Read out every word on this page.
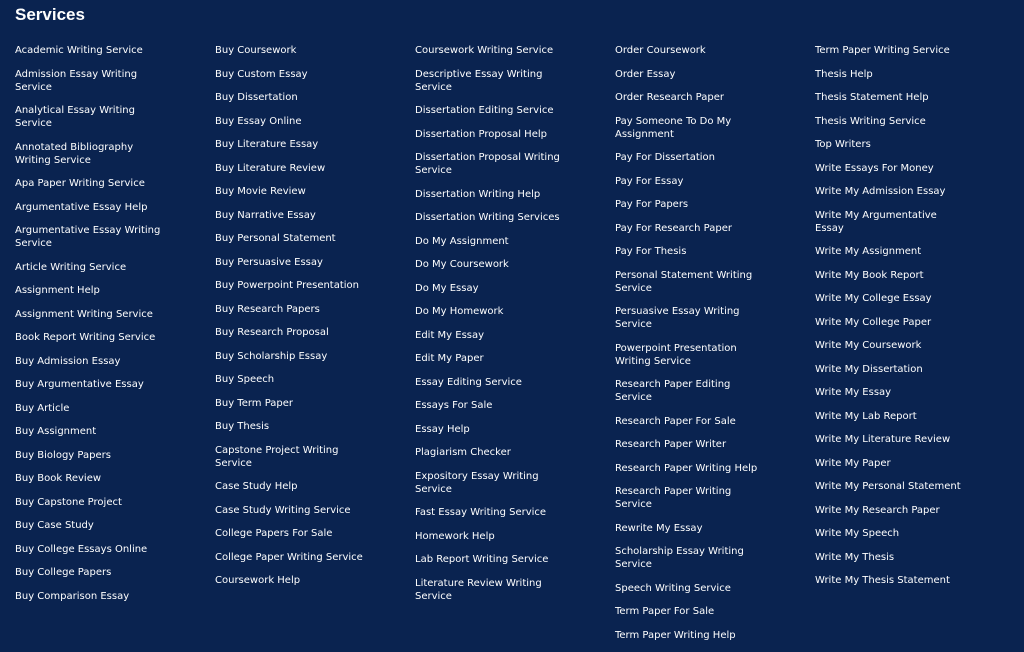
Services
Academic Writing Service
Admission Essay Writing Service
Analytical Essay Writing Service
Annotated Bibliography Writing Service
Apa Paper Writing Service
Argumentative Essay Help
Argumentative Essay Writing Service
Article Writing Service
Assignment Help
Assignment Writing Service
Book Report Writing Service
Buy Admission Essay
Buy Argumentative Essay
Buy Article
Buy Assignment
Buy Biology Papers
Buy Book Review
Buy Capstone Project
Buy Case Study
Buy College Essays Online
Buy College Papers
Buy Comparison Essay
Buy Coursework
Buy Custom Essay
Buy Dissertation
Buy Essay Online
Buy Literature Essay
Buy Literature Review
Buy Movie Review
Buy Narrative Essay
Buy Personal Statement
Buy Persuasive Essay
Buy Powerpoint Presentation
Buy Research Papers
Buy Research Proposal
Buy Scholarship Essay
Buy Speech
Buy Term Paper
Buy Thesis
Capstone Project Writing Service
Case Study Help
Case Study Writing Service
College Papers For Sale
College Paper Writing Service
Coursework Help
Coursework Writing Service
Descriptive Essay Writing Service
Dissertation Editing Service
Dissertation Proposal Help
Dissertation Proposal Writing Service
Dissertation Writing Help
Dissertation Writing Services
Do My Assignment
Do My Coursework
Do My Essay
Do My Homework
Edit My Essay
Edit My Paper
Essay Editing Service
Essays For Sale
Essay Help
Plagiarism Checker
Expository Essay Writing Service
Fast Essay Writing Service
Homework Help
Lab Report Writing Service
Literature Review Writing Service
Order Coursework
Order Essay
Order Research Paper
Pay Someone To Do My Assignment
Pay For Dissertation
Pay For Essay
Pay For Papers
Pay For Research Paper
Pay For Thesis
Personal Statement Writing Service
Persuasive Essay Writing Service
Powerpoint Presentation Writing Service
Research Paper Editing Service
Research Paper For Sale
Research Paper Writer
Research Paper Writing Help
Research Paper Writing Service
Rewrite My Essay
Scholarship Essay Writing Service
Speech Writing Service
Term Paper For Sale
Term Paper Writing Help
Term Paper Writing Service
Thesis Help
Thesis Statement Help
Thesis Writing Service
Top Writers
Write Essays For Money
Write My Admission Essay
Write My Argumentative Essay
Write My Assignment
Write My Book Report
Write My College Essay
Write My College Paper
Write My Coursework
Write My Dissertation
Write My Essay
Write My Lab Report
Write My Literature Review
Write My Paper
Write My Personal Statement
Write My Research Paper
Write My Speech
Write My Thesis
Write My Thesis Statement
